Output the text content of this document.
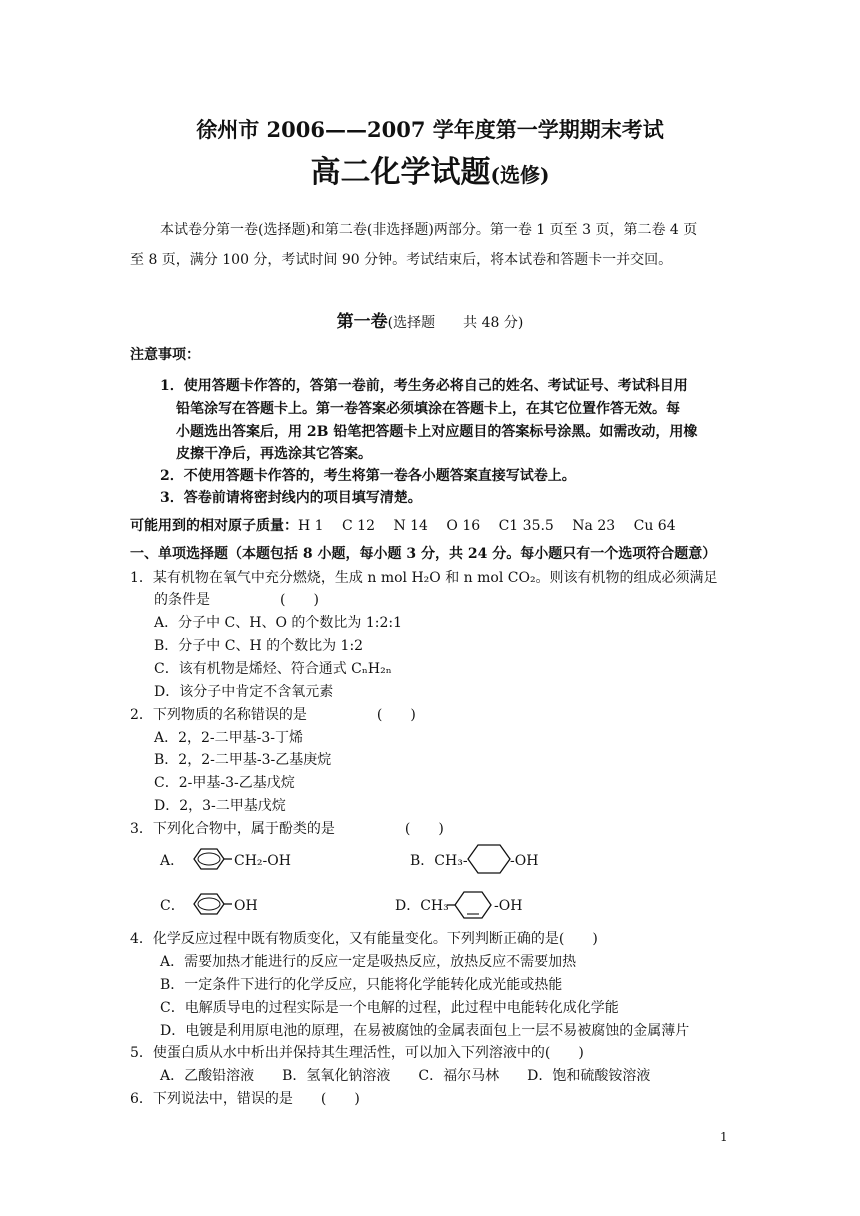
徐州市 2006——2007 学年度第一学期期末考试
高二化学试题(选修)
本试卷分第一卷(选择题)和第二卷(非选择题)两部分。第一卷 1 页至 3 页，第二卷 4 页
至 8 页，满分 100 分，考试时间 90 分钟。考试结束后，将本试卷和答题卡一并交回。
第一卷(选择题　　共 48 分)
注意事项：
1．使用答题卡作答的，答第一卷前，考生务必将自己的姓名、考试证号、考试科目用
铅笔涂写在答题卡上。第一卷答案必须填涂在答题卡上，在其它位置作答无效。每
小题选出答案后，用 2B 铅笔把答题卡上对应题目的答案标号涂黑。如需改动，用橡
皮擦干净后，再选涂其它答案。
2．不使用答题卡作答的，考生将第一卷各小题答案直接写试卷上。
3．答卷前请将密封线内的项目填写清楚。
可能用到的相对原子质量：H 1　 C 12　 N 14　 O 16　 C1 35.5　 Na 23　 Cu 64
一、单项选择题（本题包括 8 小题，每小题 3 分，共 24 分。每小题只有一个选项符合题意）
1．某有机物在氧气中充分燃烧，生成 n mol H₂O 和 n mol CO₂。则该有机物的组成必须满足
的条件是　　　　　(　　)
A．分子中 C、H、O 的个数比为 1:2:1
B．分子中 C、H 的个数比为 1:2
C．该有机物是烯烃、符合通式 CₙH₂ₙ
D．该分子中肯定不含氧元素
2．下列物质的名称错误的是　　　　　(　　)
A．2，2-二甲基-3-丁烯
B．2，2-二甲基-3-乙基庚烷
C．2-甲基-3-乙基戊烷
D．2，3-二甲基戊烷
3．下列化合物中，属于酚类的是　　　　　(　　)
A．	CH₂-OH	B．CH₃-	-OH
C．	OH	D．CH₃	-OH
4．化学反应过程中既有物质变化，又有能量变化。下列判断正确的是(　　)
A．需要加热才能进行的反应一定是吸热反应，放热反应不需要加热
B．一定条件下进行的化学反应，只能将化学能转化成光能或热能
C．电解质导电的过程实际是一个电解的过程，此过程中电能转化成化学能
D．电镀是利用原电池的原理，在易被腐蚀的金属表面包上一层不易被腐蚀的金属薄片
5．使蛋白质从水中析出并保持其生理活性，可以加入下列溶液中的(　　)
A．乙酸铅溶液　　B．氢氧化钠溶液　　C．福尔马林　　D．饱和硫酸铵溶液
6．下列说法中，错误的是　　(　　)
1
